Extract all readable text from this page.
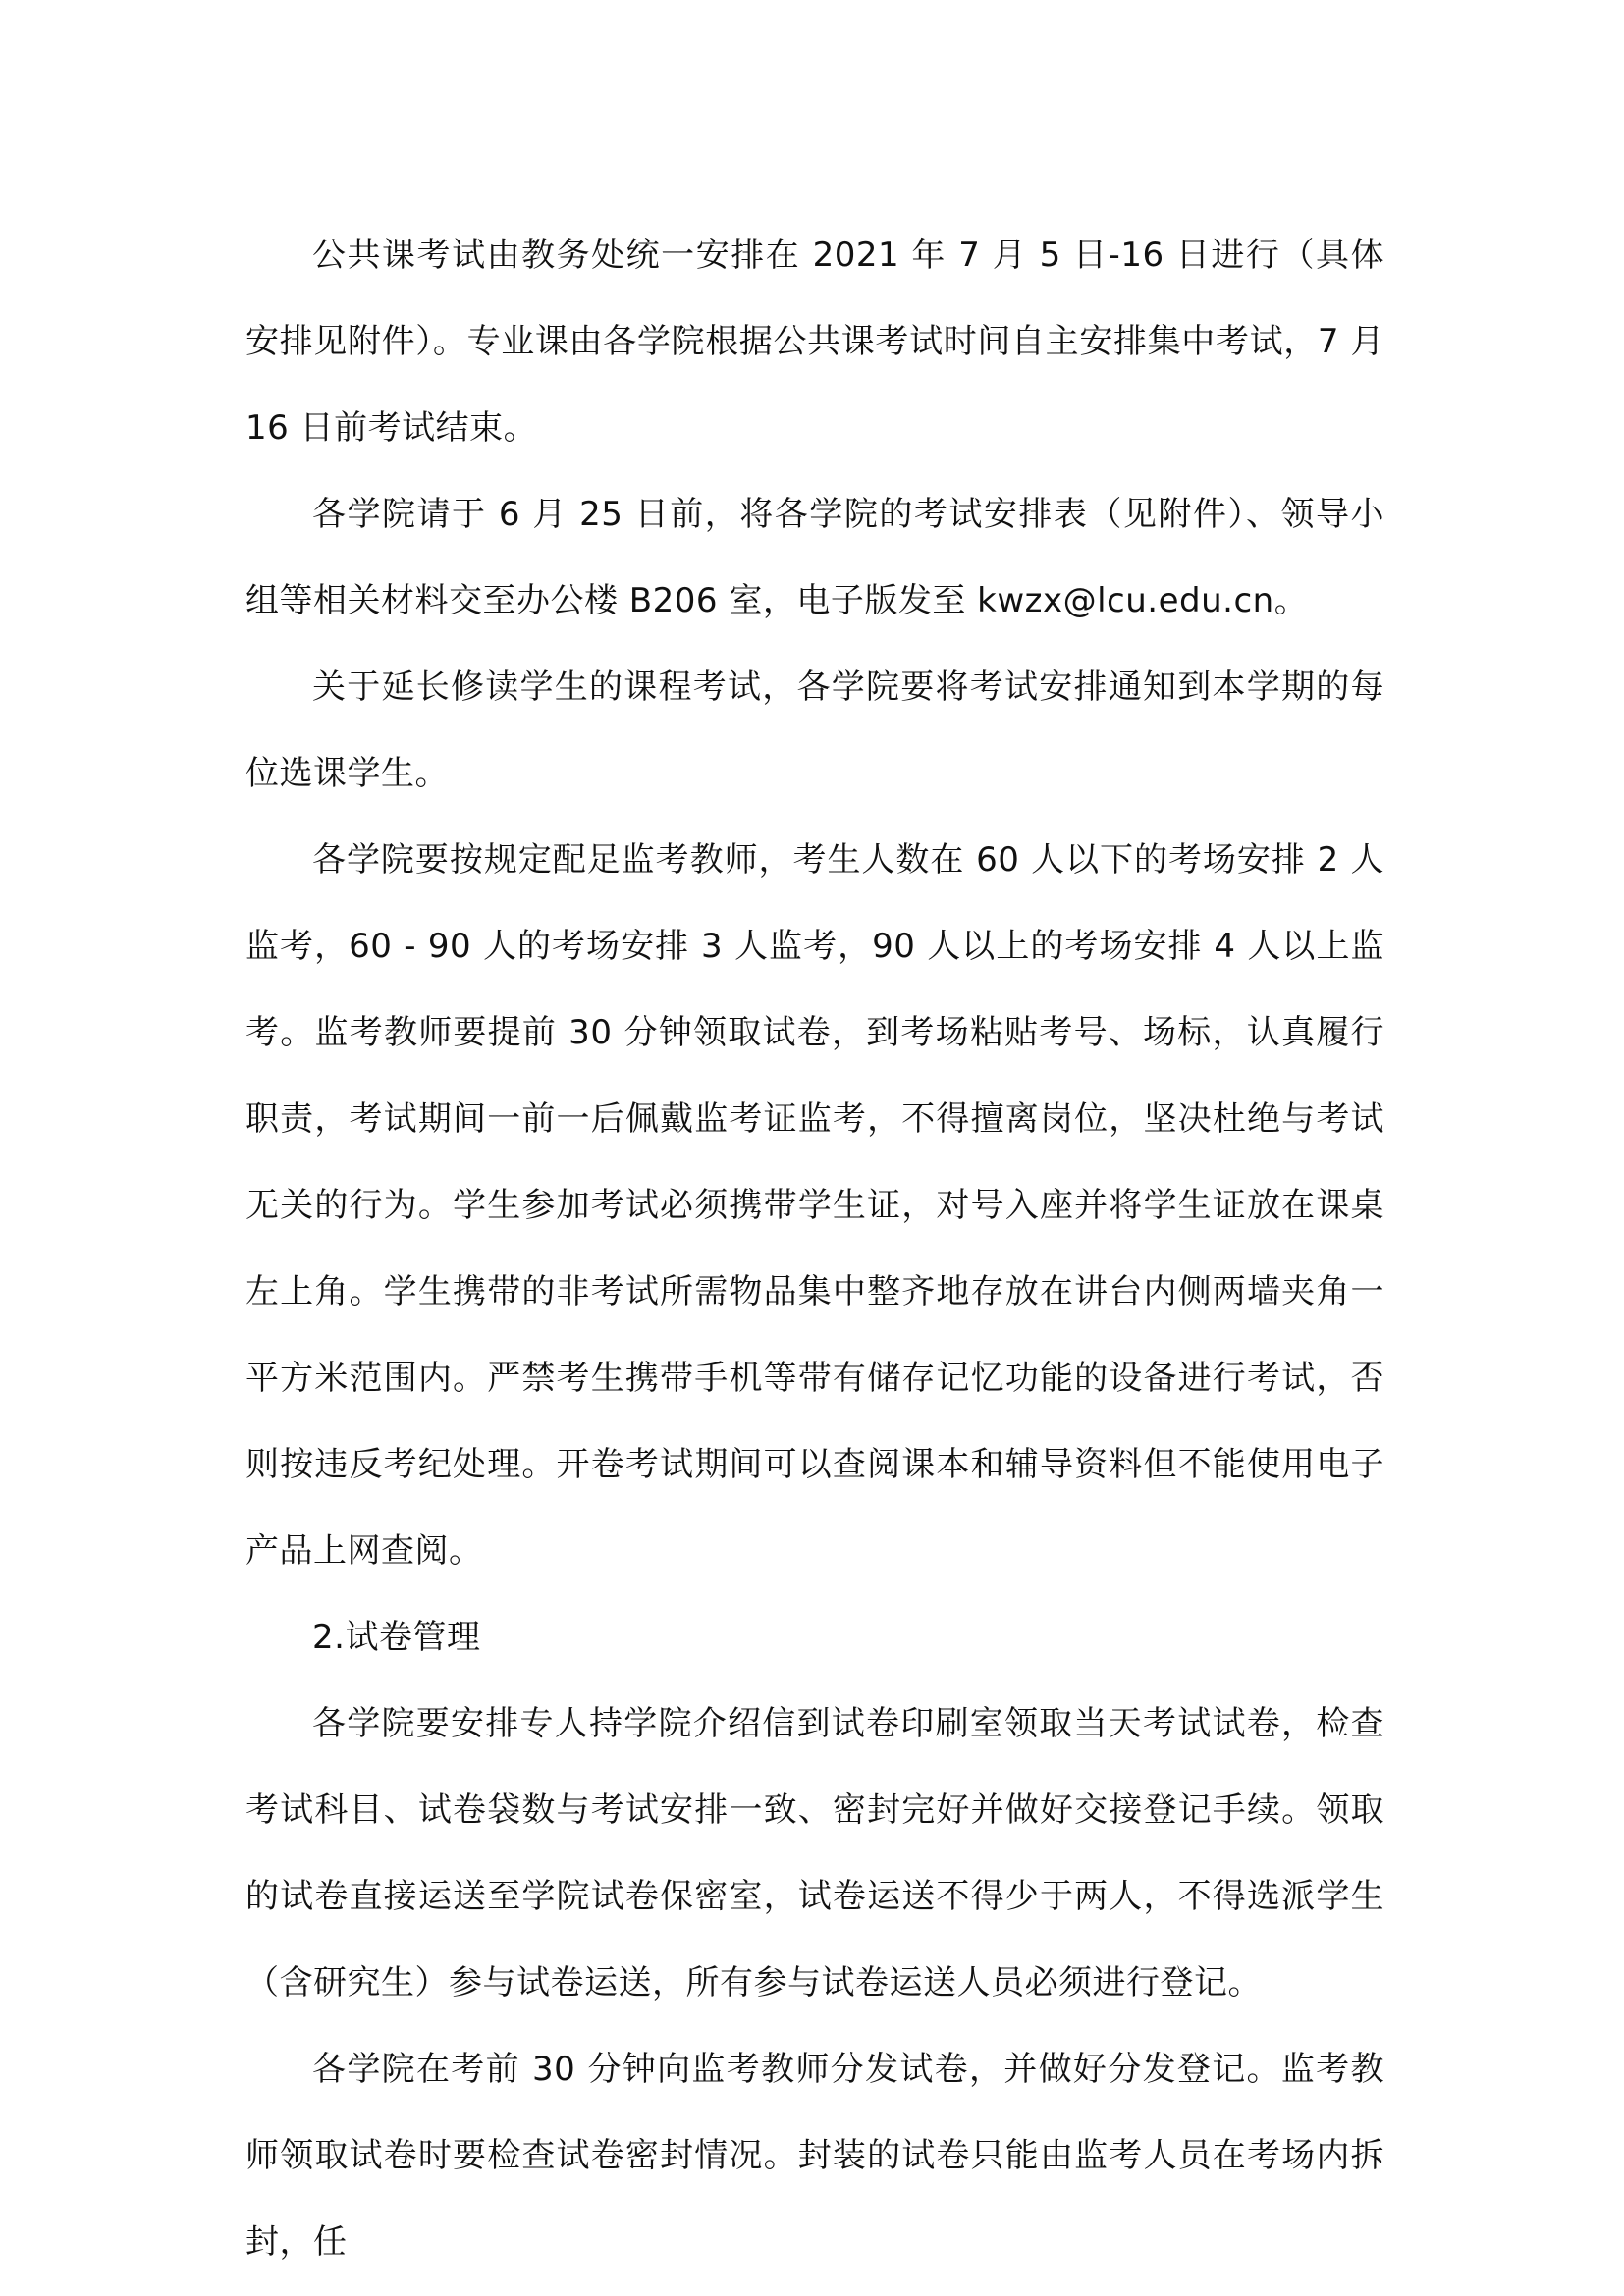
公共课考试由教务处统一安排在 2021 年 7 月 5 日-16 日进行（具体安排见附件）。专业课由各学院根据公共课考试时间自主安排集中考试，7 月 16 日前考试结束。

各学院请于 6 月 25 日前，将各学院的考试安排表（见附件）、领导小组等相关材料交至办公楼 B206 室，电子版发至 kwzx@lcu.edu.cn。

关于延长修读学生的课程考试，各学院要将考试安排通知到本学期的每位选课学生。

各学院要按规定配足监考教师，考生人数在 60 人以下的考场安排 2 人监考，60 - 90 人的考场安排 3 人监考，90 人以上的考场安排 4 人以上监考。监考教师要提前 30 分钟领取试卷，到考场粘贴考号、场标，认真履行职责，考试期间一前一后佩戴监考证监考，不得擅离岗位，坚决杜绝与考试无关的行为。学生参加考试必须携带学生证，对号入座并将学生证放在课桌左上角。学生携带的非考试所需物品集中整齐地存放在讲台内侧两墙夹角一平方米范围内。严禁考生携带手机等带有储存记忆功能的设备进行考试，否则按违反考纪处理。开卷考试期间可以查阅课本和辅导资料但不能使用电子产品上网查阅。

2.试卷管理

各学院要安排专人持学院介绍信到试卷印刷室领取当天考试试卷，检查考试科目、试卷袋数与考试安排一致、密封完好并做好交接登记手续。领取的试卷直接运送至学院试卷保密室，试卷运送不得少于两人，不得选派学生（含研究生）参与试卷运送，所有参与试卷运送人员必须进行登记。

各学院在考前 30 分钟向监考教师分发试卷，并做好分发登记。监考教师领取试卷时要检查试卷密封情况。封装的试卷只能由监考人员在考场内拆封，任
